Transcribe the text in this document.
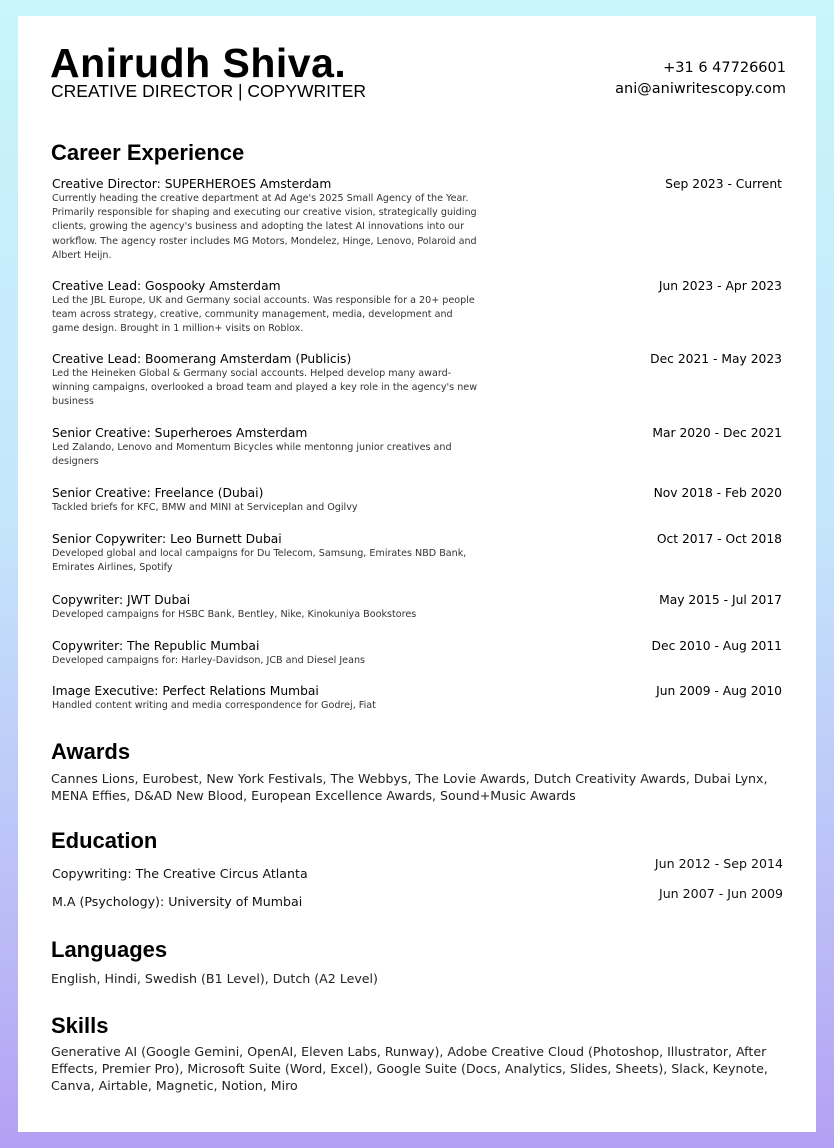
Anirudh Shiva.
CREATIVE DIRECTOR | COPYWRITER
+31 6 47726601
ani@aniwritescopy.com
Career Experience
Creative Director: SUPERHEROES Amsterdam
Currently heading the creative department at Ad Age's 2025 Small Agency of the Year. Primarily responsible for shaping and executing our creative vision, strategically guiding clients, growing the agency's business and adopting the latest AI innovations into our workflow. The agency roster includes MG Motors, Mondelez, Hinge, Lenovo, Polaroid and Albert Heijn.
Sep 2023 - Current
Creative Lead: Gospooky Amsterdam
Led the JBL Europe, UK and Germany social accounts. Was responsible for a 20+ people team across strategy, creative, community management, media, development and game design. Brought in 1 million+ visits on Roblox.
Jun 2023 - Apr 2023
Creative Lead: Boomerang Amsterdam (Publicis)
Led the Heineken Global & Germany social accounts. Helped develop many award-winning campaigns, overlooked a broad team and played a key role in the agency's new business
Dec 2021 - May 2023
Senior Creative: Superheroes Amsterdam
Led Zalando, Lenovo and Momentum Bicycles while mentonng junior creatives and designers
Mar 2020 - Dec 2021
Senior Creative: Freelance (Dubai)
Tackled briefs for KFC, BMW and MINI at Serviceplan and Ogilvy
Nov 2018 - Feb 2020
Senior Copywriter: Leo Burnett Dubai
Developed global and local campaigns for Du Telecom, Samsung, Emirates NBD Bank, Emirates Airlines, Spotify
Oct 2017 - Oct 2018
Copywriter: JWT Dubai
Developed campaigns for HSBC Bank, Bentley, Nike, Kinokuniya Bookstores
May 2015 - Jul 2017
Copywriter: The Republic Mumbai
Developed campaigns for: Harley-Davidson, JCB and Diesel Jeans
Dec 2010 - Aug 2011
Image Executive: Perfect Relations Mumbai
Handled content writing and media correspondence for Godrej, Fiat
Jun 2009 - Aug 2010
Awards
Cannes Lions, Eurobest, New York Festivals, The Webbys, The Lovie Awards, Dutch Creativity Awards, Dubai Lynx, MENA Effies, D&AD New Blood, European Excellence Awards, Sound+Music Awards
Education
Copywriting: The Creative Circus Atlanta
Jun 2012 - Sep 2014
M.A (Psychology): University of Mumbai
Jun 2007 - Jun 2009
Languages
English, Hindi, Swedish (B1 Level), Dutch (A2 Level)
Skills
Generative AI (Google Gemini, OpenAI, Eleven Labs, Runway), Adobe Creative Cloud (Photoshop, Illustrator, After Effects, Premier Pro), Microsoft Suite (Word, Excel), Google Suite (Docs, Analytics, Slides, Sheets), Slack, Keynote, Canva, Airtable, Magnetic, Notion, Miro
